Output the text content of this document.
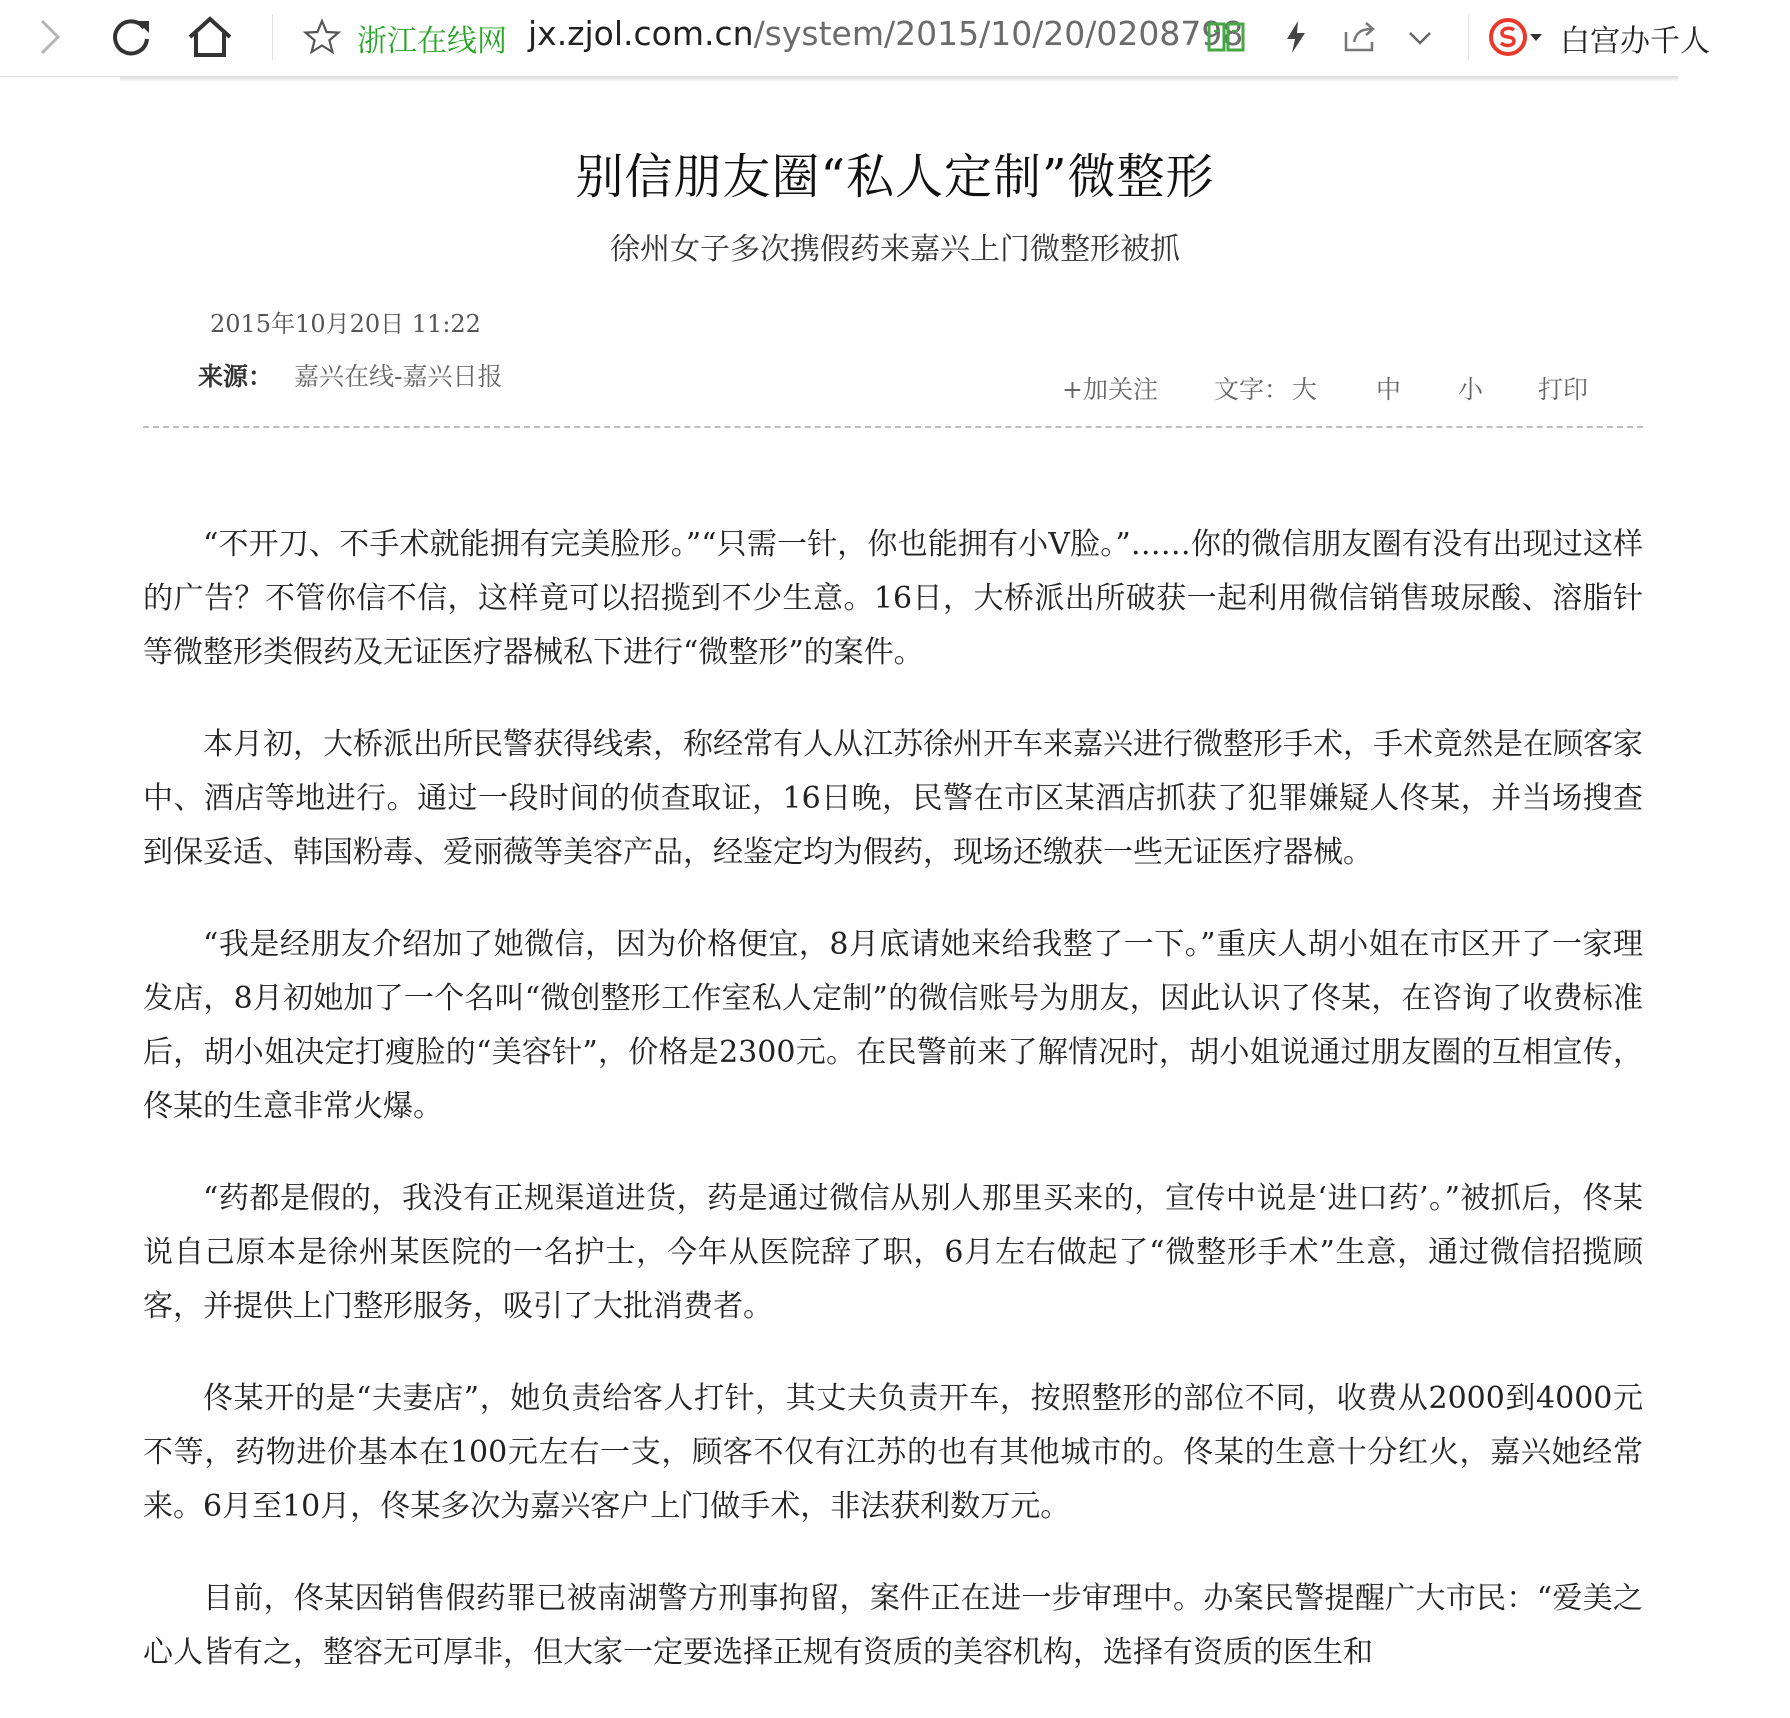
浙江在线网 jx.zjol.com.cn/system/2015/10/20/0208798	白宫办千人
别信朋友圈“私人定制”微整形
徐州女子多次携假药来嘉兴上门微整形被抓
2015年10月20日 11:22
来源： 嘉兴在线-嘉兴日报	+加关注 文字： 大 中 小 打印

“不开刀、不手术就能拥有完美脸形。”“只需一针，你也能拥有小V脸。”……你的微信朋友圈有没有出现过这样的广告？不管你信不信，这样竟可以招揽到不少生意。16日，大桥派出所破获一起利用微信销售玻尿酸、溶脂针等微整形类假药及无证医疗器械私下进行“微整形”的案件。

本月初，大桥派出所民警获得线索，称经常有人从江苏徐州开车来嘉兴进行微整形手术，手术竟然是在顾客家中、酒店等地进行。通过一段时间的侦查取证，16日晚，民警在市区某酒店抓获了犯罪嫌疑人佟某，并当场搜查到保妥适、韩国粉毒、爱丽薇等美容产品，经鉴定均为假药，现场还缴获一些无证医疗器械。

“我是经朋友介绍加了她微信，因为价格便宜，8月底请她来给我整了一下。”重庆人胡小姐在市区开了一家理发店，8月初她加了一个名叫“微创整形工作室私人定制”的微信账号为朋友，因此认识了佟某，在咨询了收费标准后，胡小姐决定打瘦脸的“美容针”，价格是2300元。在民警前来了解情况时，胡小姐说通过朋友圈的互相宣传，佟某的生意非常火爆。

“药都是假的，我没有正规渠道进货，药是通过微信从别人那里买来的，宣传中说是‘进口药’。”被抓后，佟某说自己原本是徐州某医院的一名护士，今年从医院辞了职，6月左右做起了“微整形手术”生意，通过微信招揽顾客，并提供上门整形服务，吸引了大批消费者。

佟某开的是“夫妻店”，她负责给客人打针，其丈夫负责开车，按照整形的部位不同，收费从2000到4000元不等，药物进价基本在100元左右一支，顾客不仅有江苏的也有其他城市的。佟某的生意十分红火，嘉兴她经常来。6月至10月，佟某多次为嘉兴客户上门做手术，非法获利数万元。

目前，佟某因销售假药罪已被南湖警方刑事拘留，案件正在进一步审理中。办案民警提醒广大市民：“爱美之心人皆有之，整容无可厚非，但大家一定要选择正规有资质的美容机构，选择有资质的医生和
